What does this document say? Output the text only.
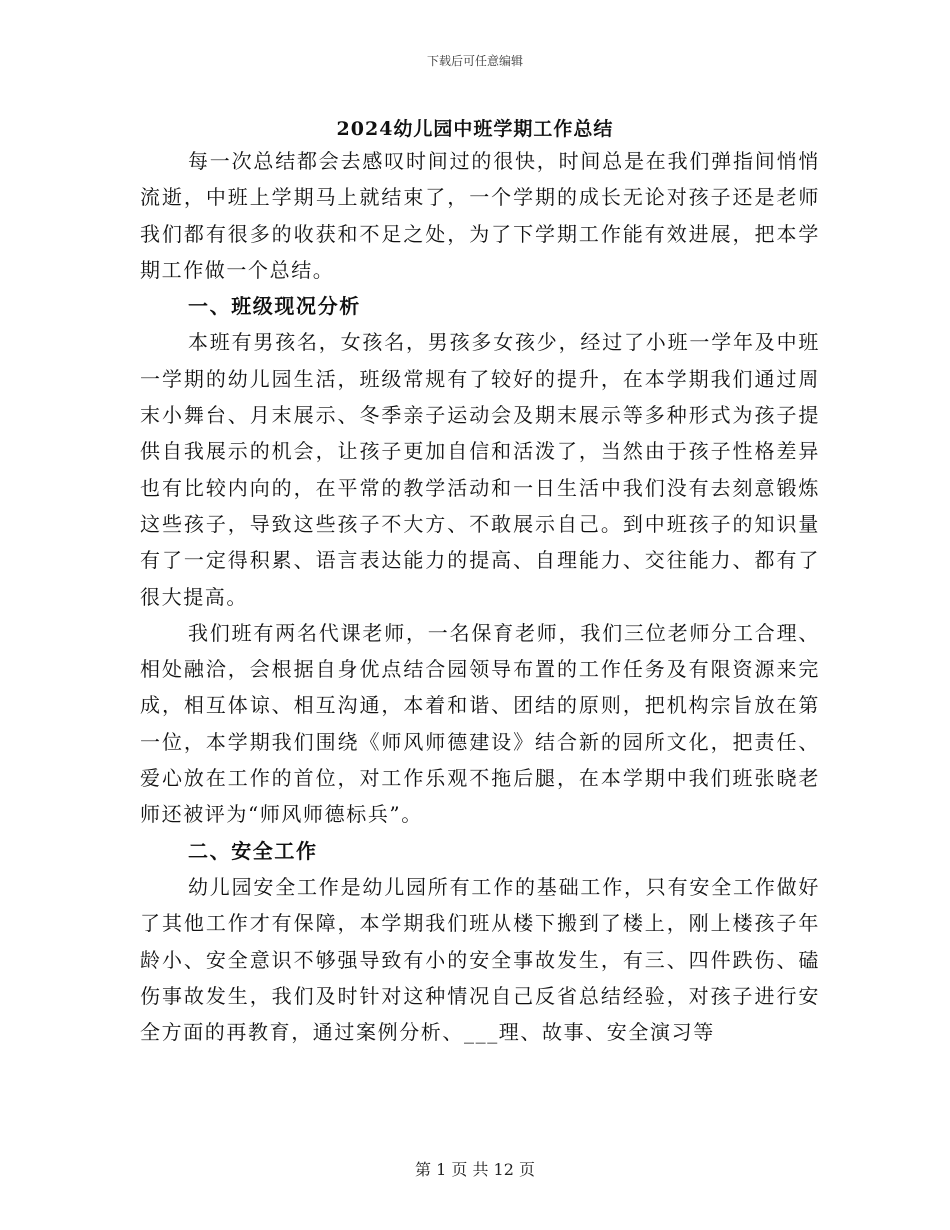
下载后可任意编辑
2024幼儿园中班学期工作总结

每一次总结都会去感叹时间过的很快，时间总是在我们弹指间悄悄流逝，中班上学期马上就结束了，一个学期的成长无论对孩子还是老师我们都有很多的收获和不足之处，为了下学期工作能有效进展，把本学期工作做一个总结。

一、班级现况分析

本班有男孩名，女孩名，男孩多女孩少，经过了小班一学年及中班一学期的幼儿园生活，班级常规有了较好的提升，在本学期我们通过周末小舞台、月末展示、冬季亲子运动会及期末展示等多种形式为孩子提供自我展示的机会，让孩子更加自信和活泼了，当然由于孩子性格差异也有比较内向的，在平常的教学活动和一日生活中我们没有去刻意锻炼这些孩子，导致这些孩子不大方、不敢展示自己。到中班孩子的知识量有了一定得积累、语言表达能力的提高、自理能力、交往能力、都有了很大提高。

我们班有两名代课老师，一名保育老师，我们三位老师分工合理、相处融洽，会根据自身优点结合园领导布置的工作任务及有限资源来完成，相互体谅、相互沟通，本着和谐、团结的原则，把机构宗旨放在第一位，本学期我们围绕《师风师德建设》结合新的园所文化，把责任、爱心放在工作的首位，对工作乐观不拖后腿，在本学期中我们班张晓老师还被评为“师风师德标兵”。

二、安全工作

幼儿园安全工作是幼儿园所有工作的基础工作，只有安全工作做好了其他工作才有保障，本学期我们班从楼下搬到了楼上，刚上楼孩子年龄小、安全意识不够强导致有小的安全事故发生，有三、四件跌伤、磕伤事故发生，我们及时针对这种情况自己反省总结经验，对孩子进行安全方面的再教育，通过案例分析、___理、故事、安全演习等

第 1 页 共 12 页
